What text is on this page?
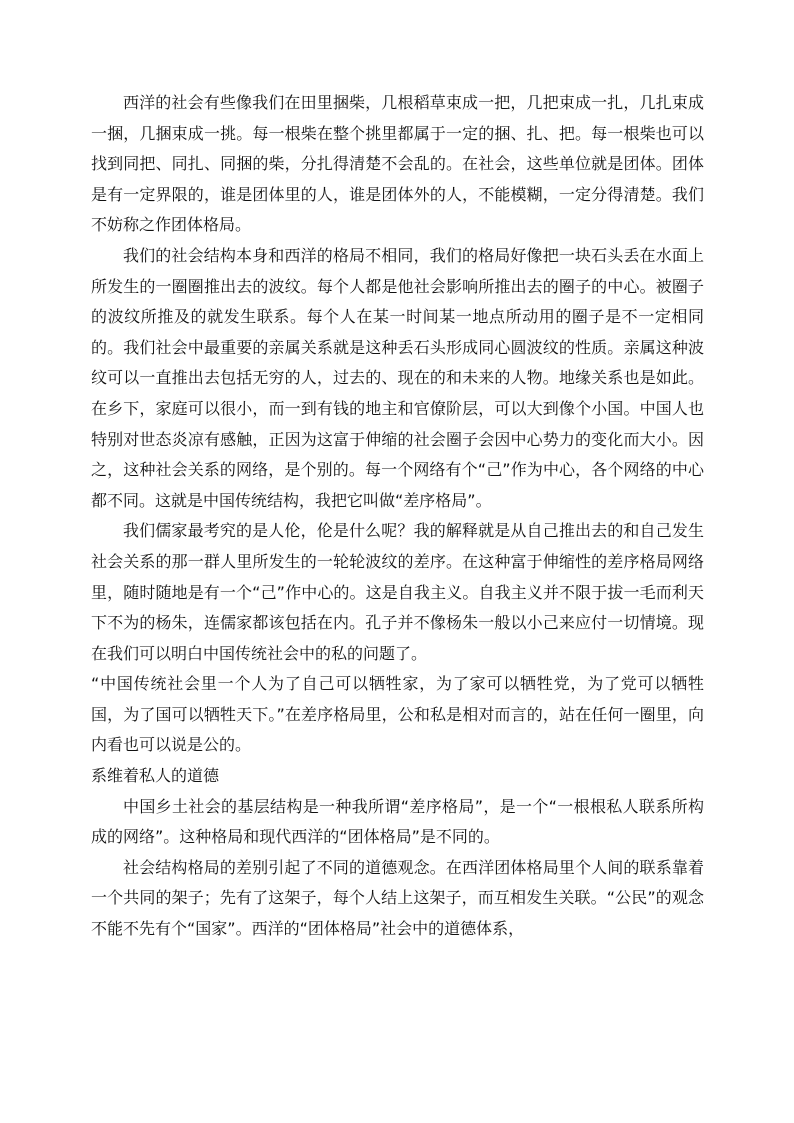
西洋的社会有些像我们在田里捆柴，几根稻草束成一把，几把束成一扎，几扎束成一捆，几捆束成一挑。每一根柴在整个挑里都属于一定的捆、扎、把。每一根柴也可以找到同把、同扎、同捆的柴，分扎得清楚不会乱的。在社会，这些单位就是团体。团体是有一定界限的，谁是团体里的人，谁是团体外的人，不能模糊，一定分得清楚。我们不妨称之作团体格局。

我们的社会结构本身和西洋的格局不相同，我们的格局好像把一块石头丢在水面上所发生的一圈圈推出去的波纹。每个人都是他社会影响所推出去的圈子的中心。被圈子的波纹所推及的就发生联系。每个人在某一时间某一地点所动用的圈子是不一定相同的。我们社会中最重要的亲属关系就是这种丢石头形成同心圆波纹的性质。亲属这种波纹可以一直推出去包括无穷的人，过去的、现在的和未来的人物。地缘关系也是如此。在乡下，家庭可以很小，而一到有钱的地主和官僚阶层，可以大到像个小国。中国人也特别对世态炎凉有感触，正因为这富于伸缩的社会圈子会因中心势力的变化而大小。因之，这种社会关系的网络，是个别的。每一个网络有个“己”作为中心，各个网络的中心都不同。这就是中国传统结构，我把它叫做“差序格局”。

我们儒家最考究的是人伦，伦是什么呢？我的解释就是从自己推出去的和自己发生社会关系的那一群人里所发生的一轮轮波纹的差序。在这种富于伸缩性的差序格局网络里，随时随地是有一个“己”作中心的。这是自我主义。自我主义并不限于拔一毛而利天下不为的杨朱，连儒家都该包括在内。孔子并不像杨朱一般以小己来应付一切情境。现在我们可以明白中国传统社会中的私的问题了。

“中国传统社会里一个人为了自己可以牺牲家，为了家可以牺牲党，为了党可以牺牲国，为了国可以牺牲天下。”在差序格局里，公和私是相对而言的，站在任何一圈里，向内看也可以说是公的。

系维着私人的道德

中国乡土社会的基层结构是一种我所谓“差序格局”，是一个“一根根私人联系所构成的网络”。这种格局和现代西洋的“团体格局”是不同的。

社会结构格局的差别引起了不同的道德观念。在西洋团体格局里个人间的联系靠着一个共同的架子；先有了这架子，每个人结上这架子，而互相发生关联。“公民”的观念不能不先有个“国家”。西洋的“团体格局”社会中的道德体系，
